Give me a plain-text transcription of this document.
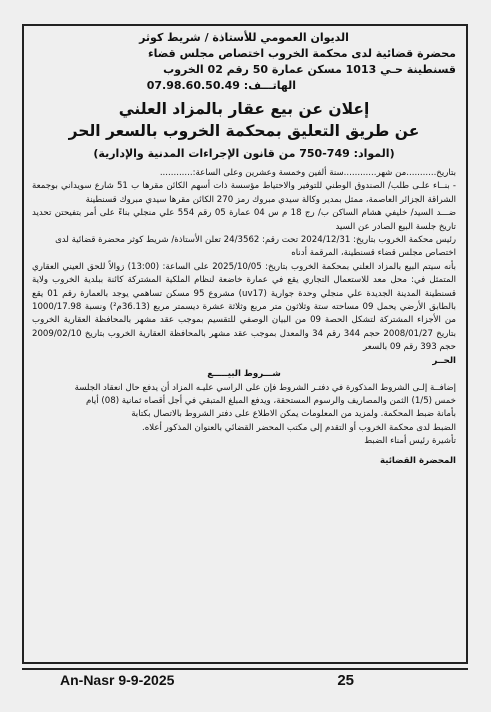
الديوان العمومي للأستاذة / شريط كوثر
محضرة قضائية لدى محكمة الخروب اختصاص مجلس قضاء
قسنطينة حـي 1013 مسكن عمارة 50 رقم 02 الخروب
الهاتـــف: 07.98.60.50.49
إعلان عن بيع عقار بالمزاد العلني
عن طريق التعليق بمحكمة الخروب بالسعر الحر
(المواد: 749-750 من قانون الإجراءات المدنية والإدارية)

بتاريخ...........من شهر............سنة ألفين وخمسة وعشرين وعلى الساعة:............

- بنــاء علـى طلب/ الصندوق الوطني للتوفير والاحتياط مؤسسة ذات أسهم الكائن مقرها ب 51 شارع سويداني بوجمعة الشراقة الجزائر العاصمة، ممثل بمدير وكالة سيدي مبروك رمز 270 الكائن مقرها سيدي مبروك قسنطينة

ضـــد السيد/ خليفي هشام الساكن ب/ رج 18 م س 04 عمارة 05 رقم 554 علي منجلي بناءً على أمر بتفيحتن تحديد تاريخ جلسة البيع الصادر عن السيد

رئيس محكمة الخروب بتاريخ: 2024/12/31 تحت رقم: 24/3562 تعلن الأستاذة/ شريط كوثر محضرة قضائية لدى

اختصاص مجلس قضاء قسنطينة، المرقمة أدناه

بأنه سيتم البيع بالمزاد العلني بمحكمة الخروب بتاريخ: 2025/10/05 على الساعة: (13:00) زوالاً للحق العيني العقاري المتمثل في: محل معد للاستعمال التجاري يقع في عمارة خاضعة لنظام الملكية المشتركة كائنة ببلدية الخروب ولاية قسنطينة المدينة الجديدة علي منجلي وحدة جوارية (uv17) مشروع 95 مسكن تساهمي يوجد بالعمارة رقم 01 يقع بالطابق الأرضي يحمل 09 مساحته ستة وثلاثون متر مربع وثلاثة عشرة ديسمتر مربع (36.13م²) ونسبة 1000/17.98 من الأجزاء المشتركة لتشكل الحصة 09 من البيان الوصفي للتقسيم بموجب عقد مشهر بالمحافظة العقارية الخروب بتاريخ 2008/01/27 حجم 344 رقم 34 والمعدل بموجب عقد مشهر بالمحافظة العقارية الخروب بتاريخ 2009/02/10 حجم 393 رقم 09 بالسعر

الحــر

شـــروط البيـــــع

إضافــة إلـى الشروط المذكورة في دفتـر الشروط فإن على الراسي عليـه المزاد أن يدفع حال انعقاد الجلسة

خمس (1/5) الثمن والمصاريف والرسوم المستحقة، ويدفع المبلغ المتبقي في أجل أقصاه ثمانية (08) أيام

بأمانة ضبط المحكمة. ولمزيد من المعلومات يمكن الاطلاع على دفتر الشروط بالاتصال بكتابة

الضبط لدى محكمة الخروب أو التقدم إلى مكتب المحضر القضائي بالعنوان المذكور أعلاه.

تأشيرة رئيس أمناء الضبط

المحضرة القضائية

An-Nasr 9-9-2025	25
